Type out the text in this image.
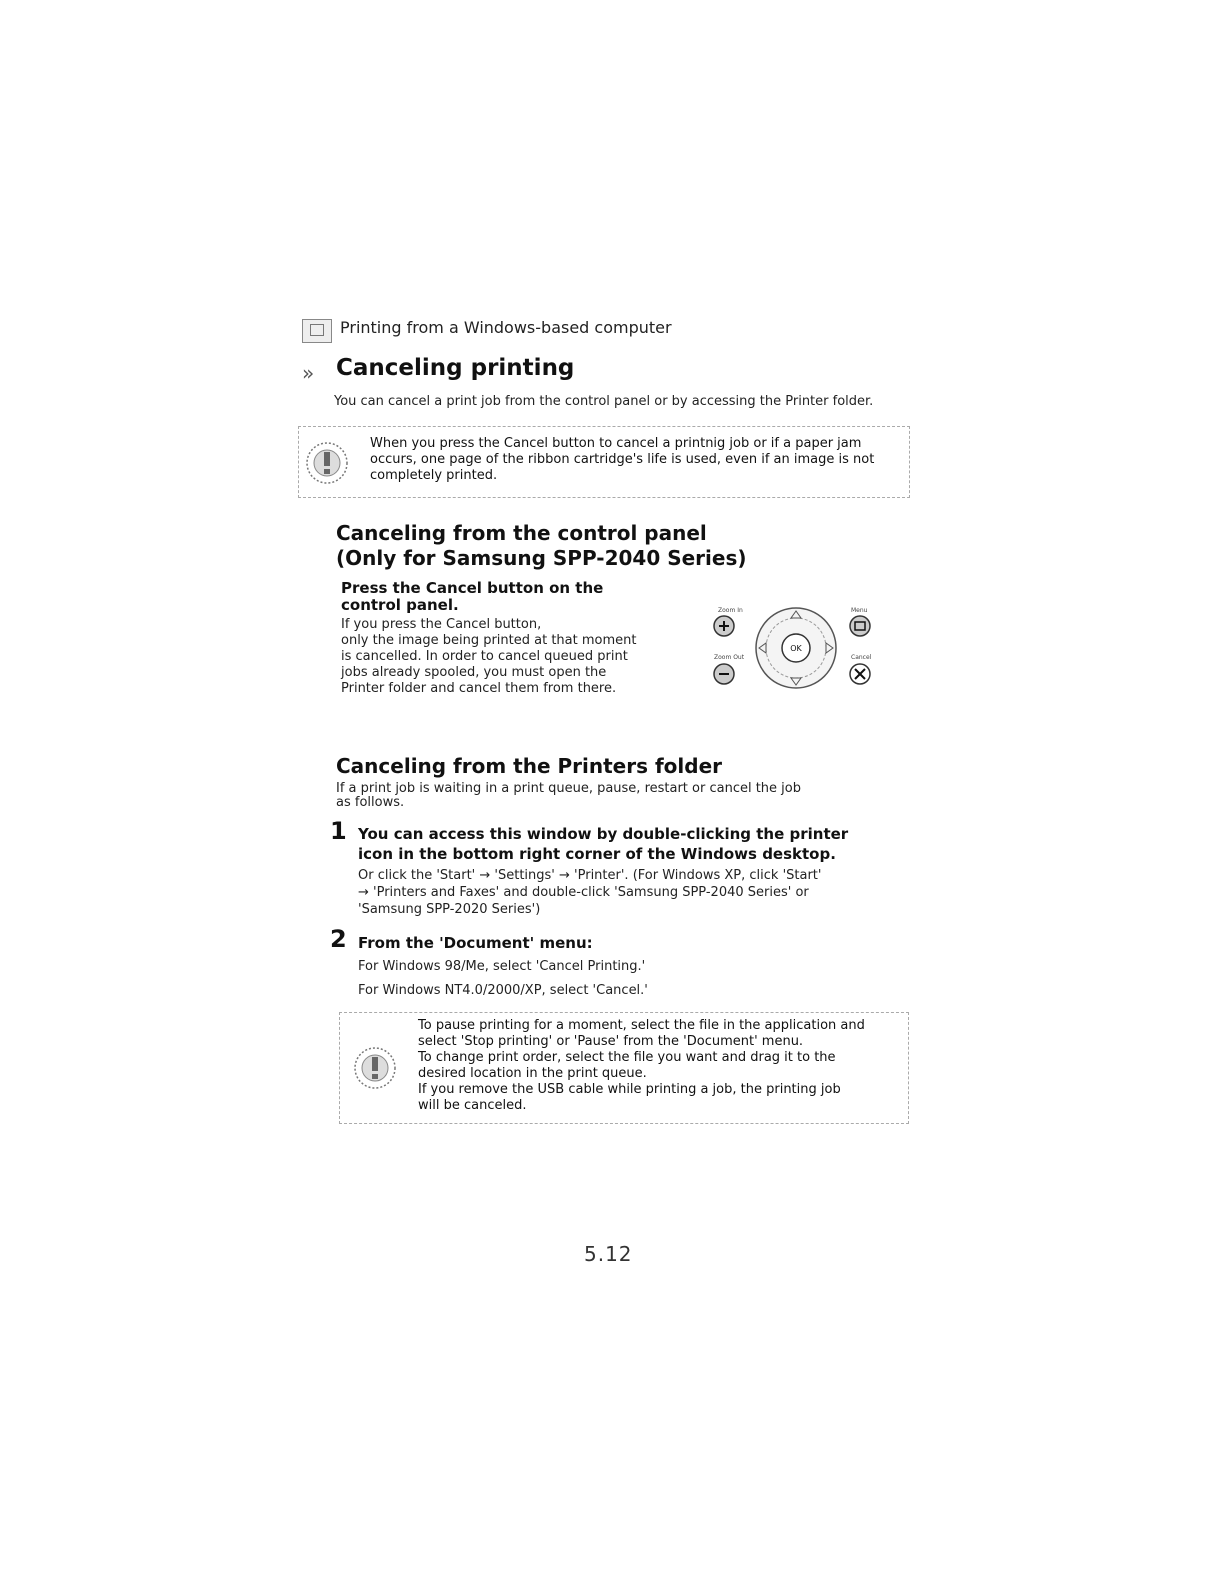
Printing from a Windows-based computer
» Canceling printing
You can cancel a print job from the control panel or by accessing the Printer folder.
When you press the Cancel button to cancel a printnig job or if a paper jam occurs, one page of the ribbon cartridge's life is used, even if an image is not completely printed.
Canceling from the control panel
(Only for Samsung SPP-2040 Series)
Press the Cancel button on the
control panel.
If you press the Cancel button,
only the image being printed at that moment
is cancelled. In order to cancel queued print
jobs already spooled, you must open the
Printer folder and cancel them from there.
Zoom In
Zoom Out
Menu
Cancel
OK
Canceling from the Printers folder
If a print job is waiting in a print queue, pause, restart or cancel the job
as follows.
1 You can access this window by double-clicking the printer
icon in the bottom right corner of the Windows desktop.
Or click the 'Start' → 'Settings' → 'Printer'. (For Windows XP, click 'Start'
→ 'Printers and Faxes' and double-click 'Samsung SPP-2040 Series' or
'Samsung SPP-2020 Series')
2 From the 'Document' menu:
For Windows 98/Me, select 'Cancel Printing.'
For Windows NT4.0/2000/XP, select 'Cancel.'
To pause printing for a moment, select the file in the application and
select 'Stop printing' or 'Pause' from the 'Document' menu.
To change print order, select the file you want and drag it to the
desired location in the print queue.
If you remove the USB cable while printing a job, the printing job
will be canceled.
5.12
